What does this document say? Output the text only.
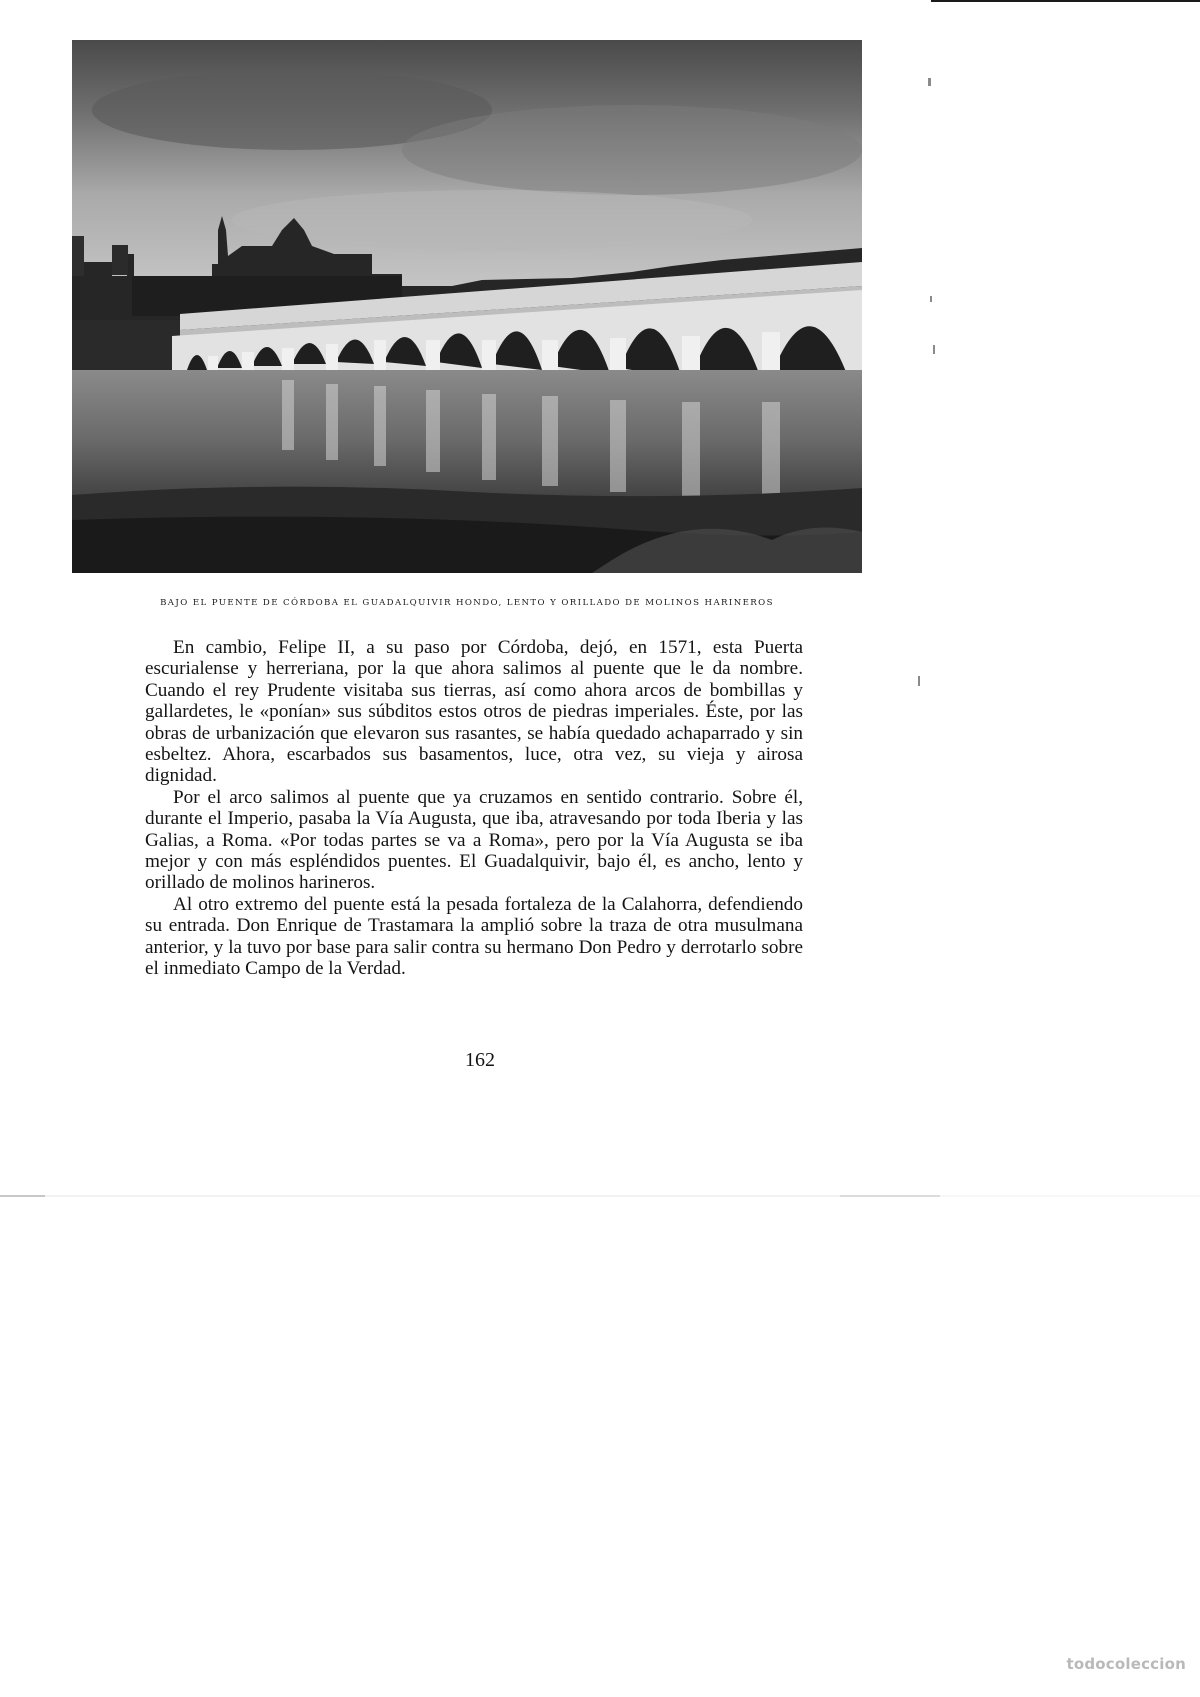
BAJO EL PUENTE DE CÓRDOBA EL GUADALQUIVIR HONDO, LENTO Y ORILLADO DE MOLINOS HARINEROS

En cambio, Felipe II, a su paso por Córdoba, dejó, en 1571, esta Puerta escurialense y herreriana, por la que ahora salimos al puente que le da nombre. Cuando el rey Prudente visitaba sus tierras, así como ahora arcos de bombillas y gallardetes, le «ponían» sus súbditos estos otros de piedras imperiales. Éste, por las obras de urbanización que elevaron sus rasantes, se había quedado achaparrado y sin esbeltez. Ahora, escarbados sus basamentos, luce, otra vez, su vieja y airosa dignidad.

Por el arco salimos al puente que ya cruzamos en sentido contrario. Sobre él, durante el Imperio, pasaba la Vía Augusta, que iba, atravesando por toda Iberia y las Galias, a Roma. «Por todas partes se va a Roma», pero por la Vía Augusta se iba mejor y con más espléndidos puentes. El Guadalquivir, bajo él, es ancho, lento y orillado de molinos harineros.

Al otro extremo del puente está la pesada fortaleza de la Calahorra, defendiendo su entrada. Don Enrique de Trastamara la amplió sobre la traza de otra musulmana anterior, y la tuvo por base para salir contra su hermano Don Pedro y derrotarlo sobre el inmediato Campo de la Verdad.

162
todocoleccion
